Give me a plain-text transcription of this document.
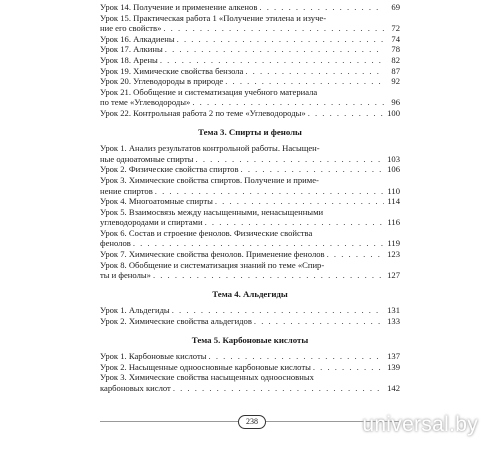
Урок 14. Получение и применение алкенов . . .	69
Урок 15. Практическая работа 1 «Получение этилена и изуче-
ние его свойств» . . .	72
Урок 16. Алкадиены . . .	74
Урок 17. Алкины . . .	78
Урок 18. Арены . . .	82
Урок 19. Химические свойства бензола . . .	87
Урок 20. Углеводороды в природе . . .	92
Урок 21. Обобщение и систематизация учебного материала
по теме «Углеводороды» . . .	96
Урок 22. Контрольная работа 2 по теме «Углеводороды» . . .	100
Тема 3. Спирты и фенолы
Урок 1. Анализ результатов контрольной работы. Насыщен-
ные одноатомные спирты . . .	103
Урок 2. Физические свойства спиртов . . .	106
Урок 3. Химические свойства спиртов. Получение и приме-
нение спиртов . . .	110
Урок 4. Многоатомные спирты . . .	114
Урок 5. Взаимосвязь между насыщенными, ненасыщенными
углеводородами и спиртами . . .	116
Урок 6. Состав и строение фенолов. Физические свойства
фенолов . . .	119
Урок 7. Химические свойства фенолов. Применение фенолов . . .	123
Урок 8. Обобщение и систематизация знаний по теме «Спир-
ты и фенолы» . . .	127
Тема 4. Альдегиды
Урок 1. Альдегиды . . .	131
Урок 2. Химические свойства альдегидов . . .	133
Тема 5. Карбоновые кислоты
Урок 1. Карбоновые кислоты . . .	137
Урок 2. Насыщенные одноосновные карбоновые кислоты . . .	139
Урок 3. Химические свойства насыщенных одноосновных
карбоновых кислот . . .	142
238	universal.by
